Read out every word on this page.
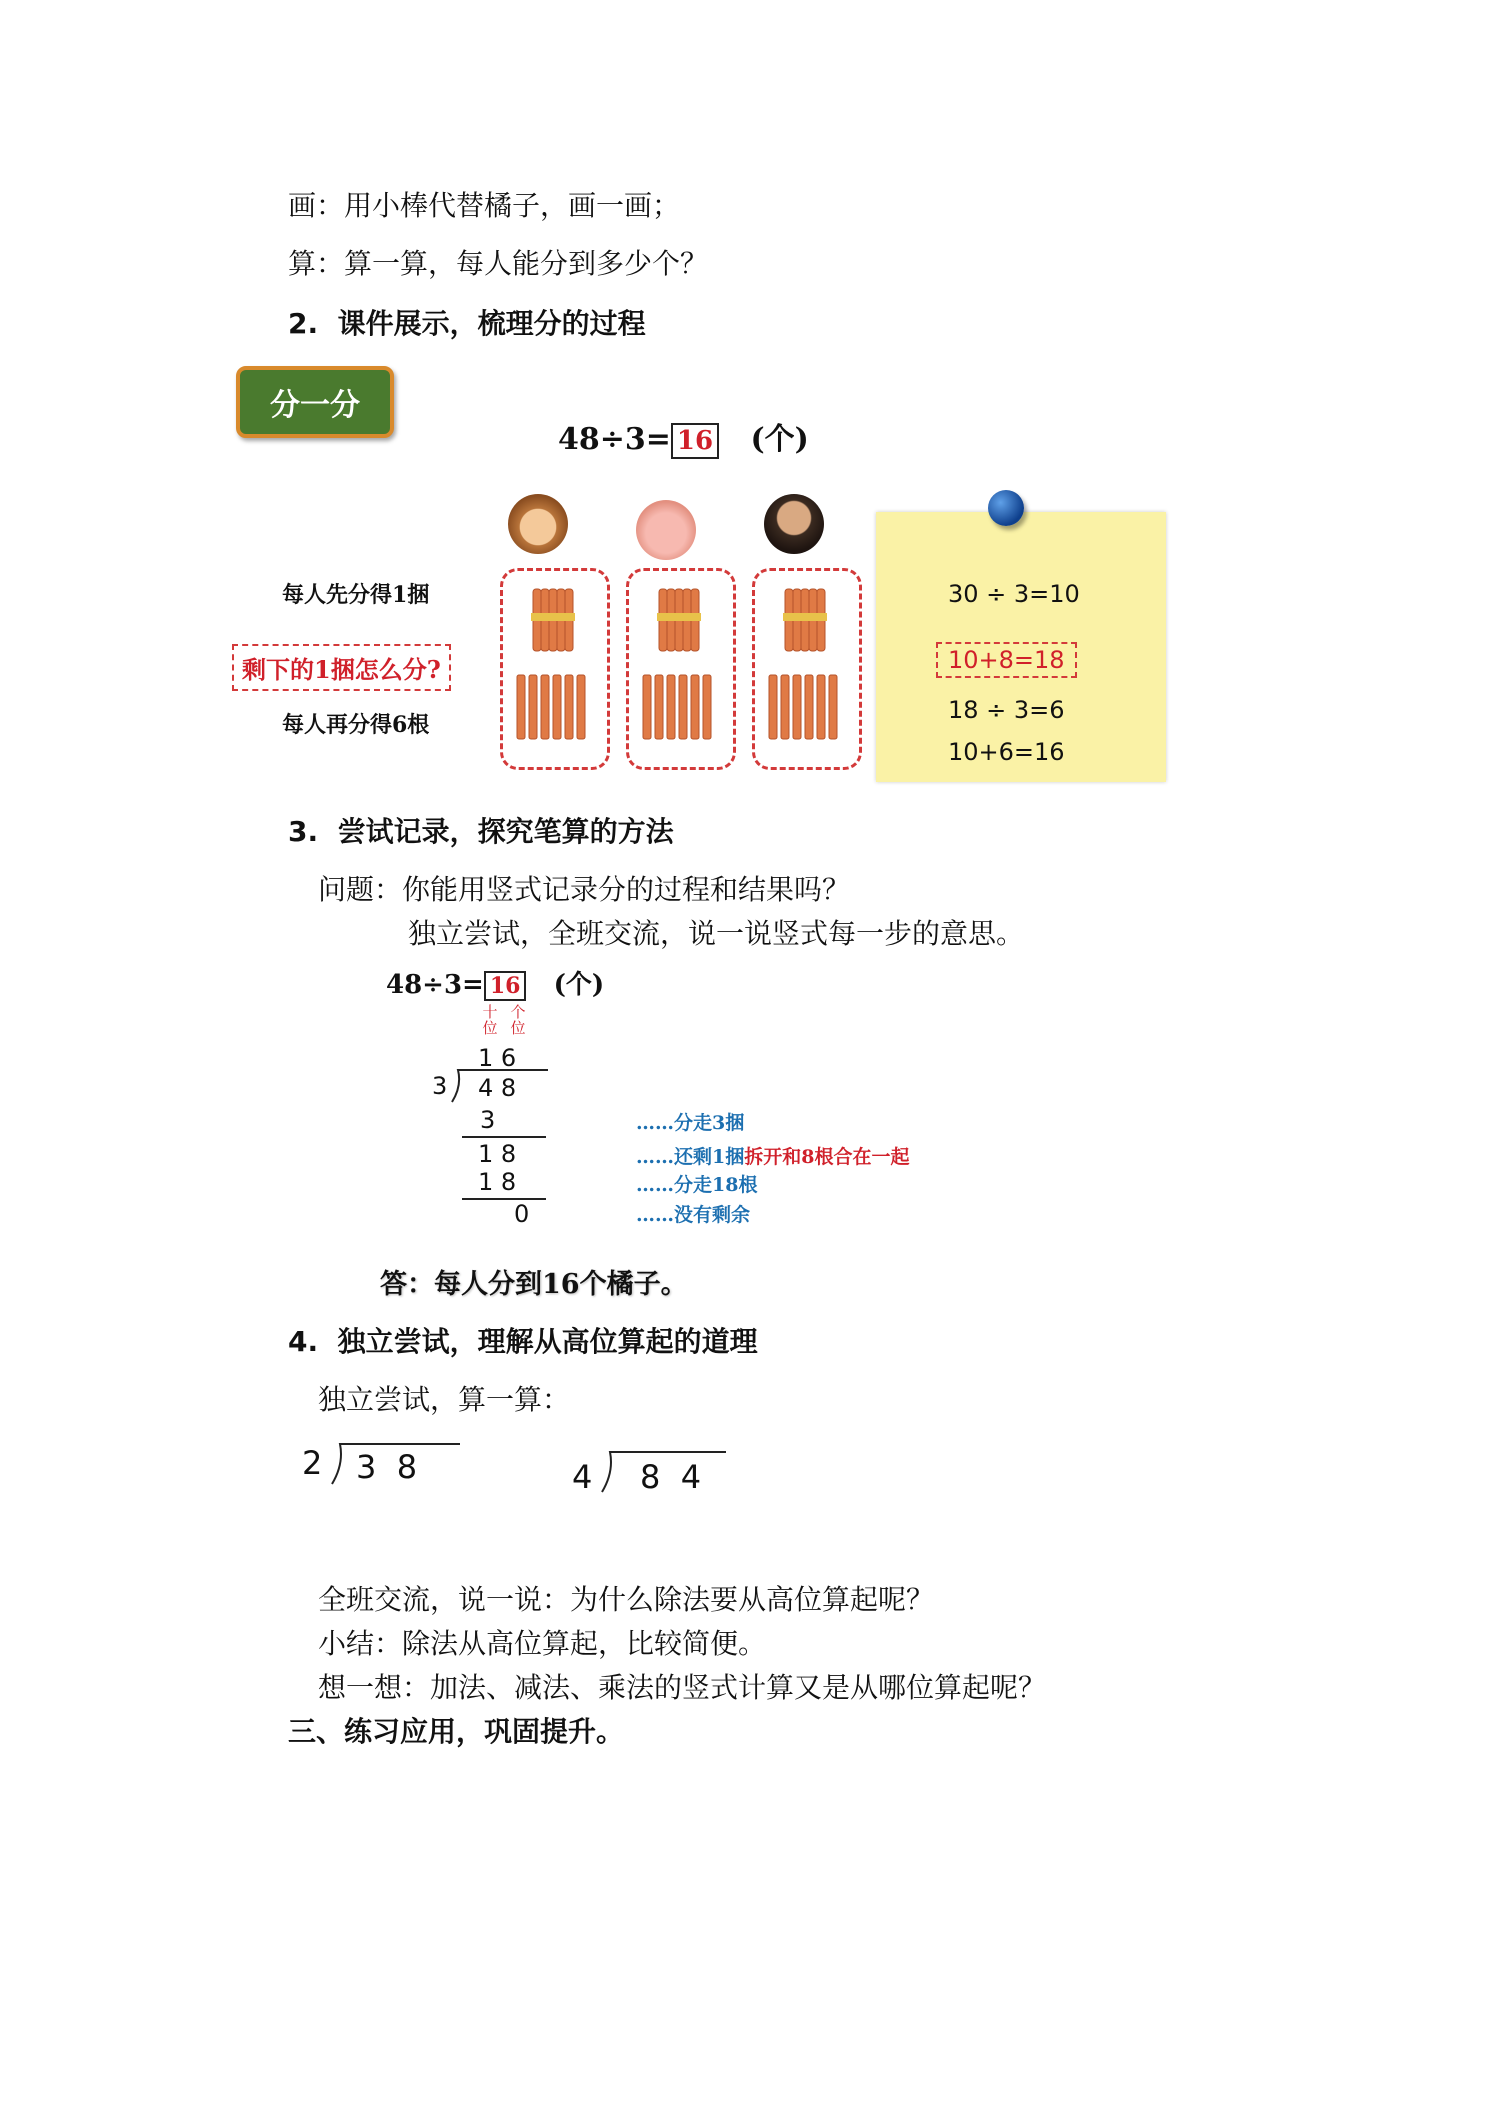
画：用小棒代替橘子，画一画；
算：算一算，每人能分到多少个？
2. 课件展示，梳理分的过程
分一分
48÷3= 16 (个)
每人先分得1捆
剩下的1捆怎么分?
每人再分得6根
30 ÷ 3=10
10+8=18
18 ÷ 3=6
10+6=16
3. 尝试记录，探究笔算的方法
问题：你能用竖式记录分的过程和结果吗？
独立尝试，全班交流，说一说竖式每一步的意思。
48÷3= 16 (个)
十
位
个
位
1 6
3 4 8
3
1 8
1 8
0
……分走3捆
……还剩1捆拆开和8根合在一起
……分走18根
……没有剩余
答：每人分到16个橘子。
4. 独立尝试，理解从高位算起的道理
独立尝试，算一算：
2 3  8	4 8  4
全班交流，说一说：为什么除法要从高位算起呢？
小结：除法从高位算起，比较简便。
想一想：加法、减法、乘法的竖式计算又是从哪位算起呢？
三、练习应用，巩固提升。
